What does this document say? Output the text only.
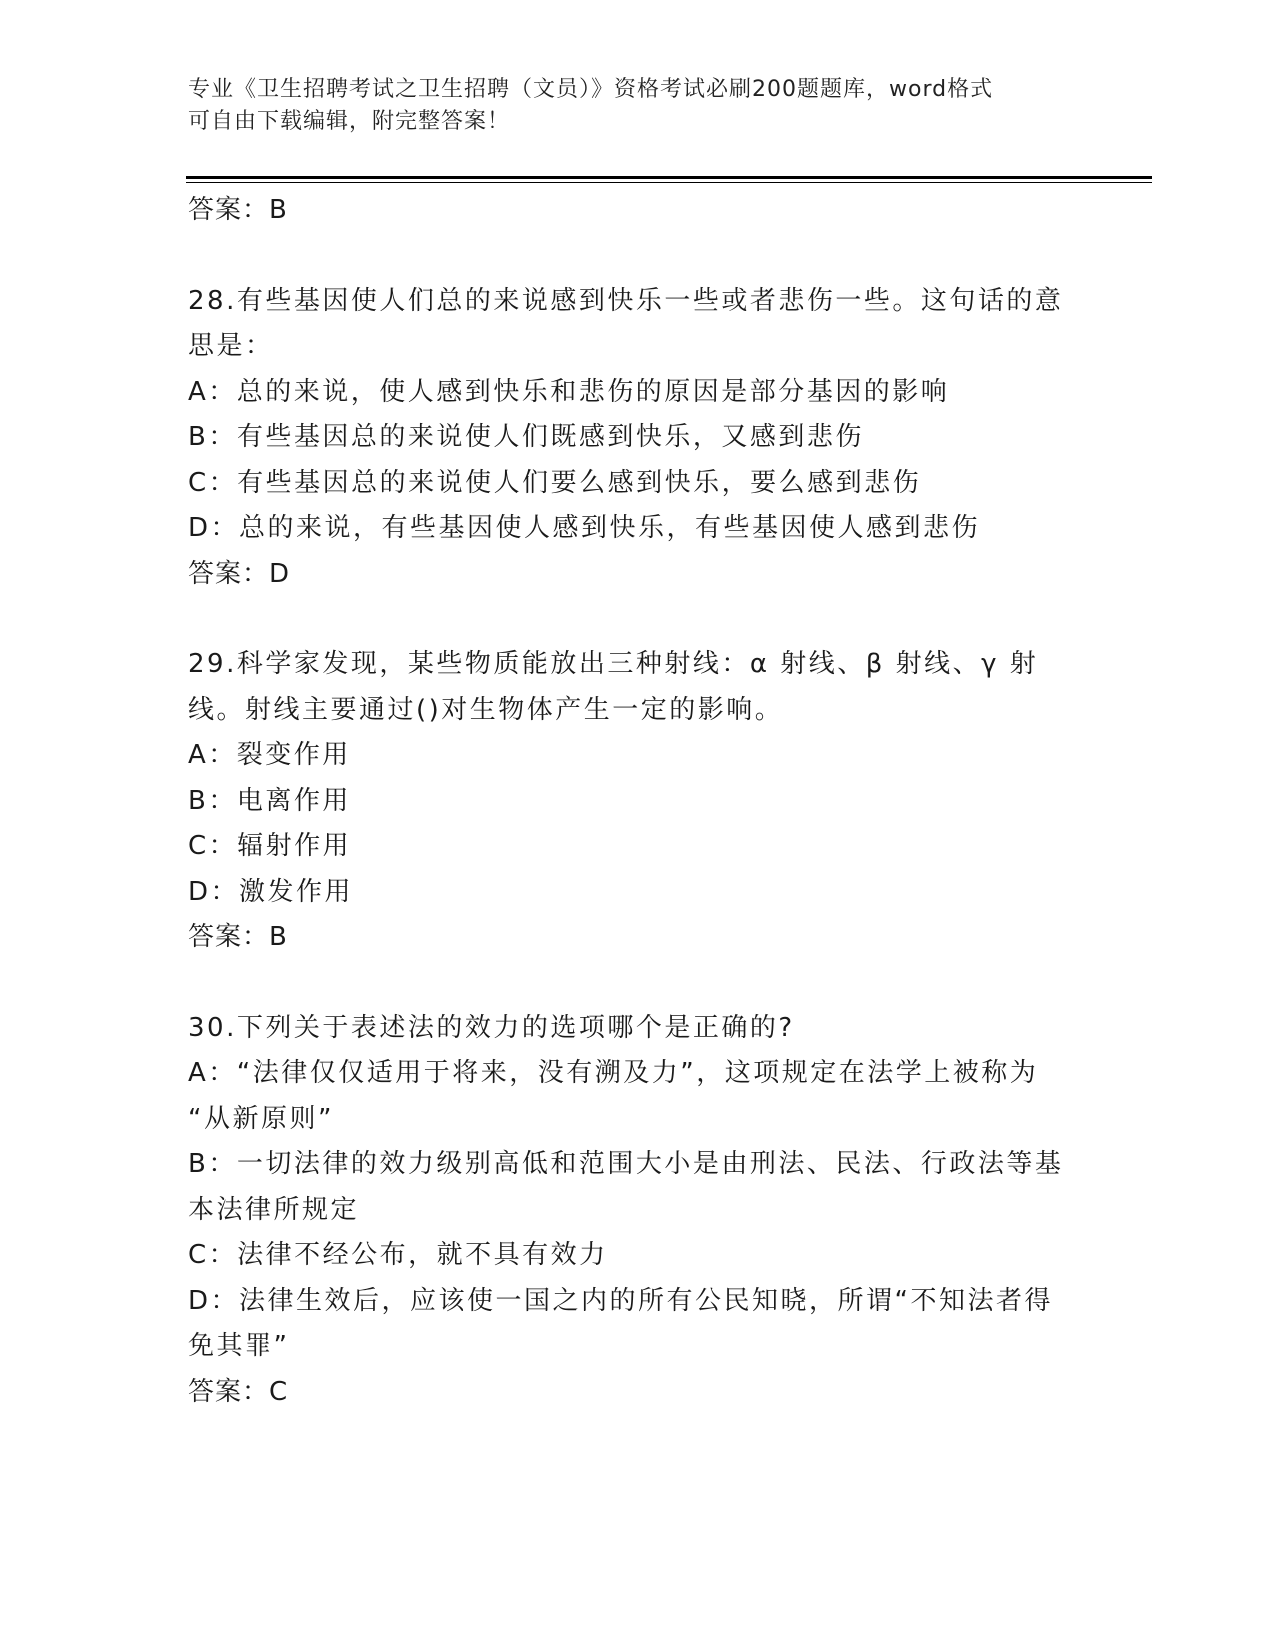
专业《卫生招聘考试之卫生招聘（文员）》资格考试必刷200题题库，word格式
可自由下载编辑，附完整答案！
答案：B
28.有些基因使人们总的来说感到快乐一些或者悲伤一些。这句话的意
思是：
A：总的来说，使人感到快乐和悲伤的原因是部分基因的影响
B：有些基因总的来说使人们既感到快乐，又感到悲伤
C：有些基因总的来说使人们要么感到快乐，要么感到悲伤
D：总的来说，有些基因使人感到快乐，有些基因使人感到悲伤
答案：D
29.科学家发现，某些物质能放出三种射线：α 射线、β 射线、γ 射
线。射线主要通过()对生物体产生一定的影响。
A：裂变作用
B：电离作用
C：辐射作用
D：激发作用
答案：B
30.下列关于表述法的效力的选项哪个是正确的?
A：“法律仅仅适用于将来，没有溯及力”，这项规定在法学上被称为
“从新原则”
B：一切法律的效力级别高低和范围大小是由刑法、民法、行政法等基
本法律所规定
C：法律不经公布，就不具有效力
D：法律生效后，应该使一国之内的所有公民知晓，所谓“不知法者得
免其罪”
答案：C
